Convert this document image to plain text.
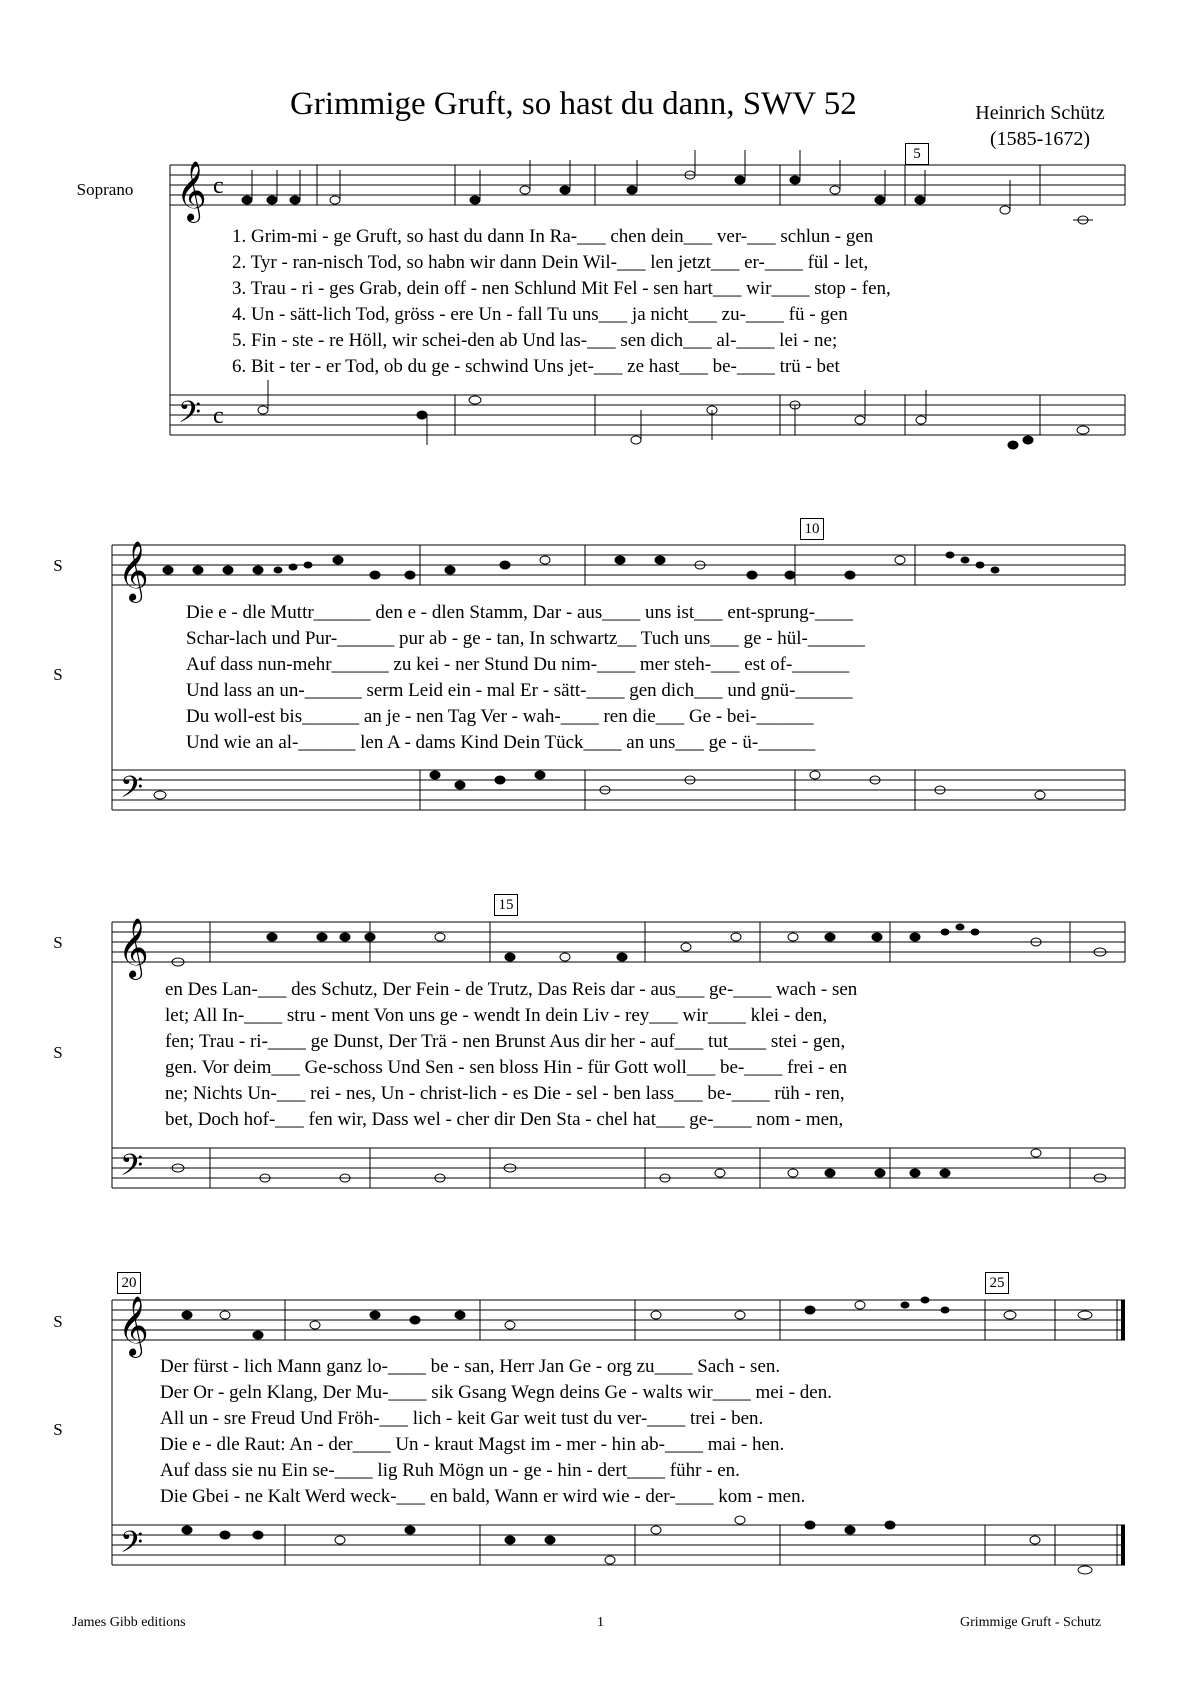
Grimmige Gruft, so hast du dann, SWV 52	Heinrich Schütz
(1585-1672)
Soprano
S
S
S
S
S
S
5
10
15
20	25
𝄞
𝄢
c
c
𝄞
𝄢
𝄞
𝄢
𝄞
𝄢
1. Grim-mi - ge Gruft, so hast du dann In Ra-___ chen dein___ ver-___ schlun - gen
2. Tyr - ran-nisch Tod, so habn wir dann Dein Wil-___ len jetzt___ er-____ fül - let,
3. Trau - ri - ges Grab, dein off - nen Schlund Mit Fel - sen hart___ wir____ stop - fen,
4. Un - sätt-lich Tod, gröss - ere Un - fall Tu uns___ ja nicht___ zu-____ fü - gen
5. Fin - ste - re Höll, wir schei-den ab Und las-___ sen dich___ al-____ lei - ne;
6. Bit - ter - er Tod, ob du ge - schwind Uns jet-___ ze hast___ be-____ trü - bet
Die e - dle Muttr______ den e - dlen Stamm, Dar - aus____ uns ist___ ent-sprung-____
Schar-lach und Pur-______ pur ab - ge - tan, In schwartz__ Tuch uns___ ge - hül-______
Auf dass nun-mehr______ zu kei - ner Stund Du nim-____ mer steh-___ est of-______
Und lass an un-______ serm Leid ein - mal Er - sätt-____ gen dich___ und gnü-______
Du woll-est bis______ an je - nen Tag Ver - wah-____ ren die___ Ge - bei-______
Und wie an al-______ len A - dams Kind Dein Tück____ an uns___ ge - ü-______
en Des Lan-___ des Schutz, Der Fein - de Trutz, Das Reis dar - aus___ ge-____ wach - sen
let; All In-____ stru - ment Von uns ge - wendt In dein Liv - rey___ wir____ klei - den,
fen; Trau - ri-____ ge Dunst, Der Trä - nen Brunst Aus dir her - auf___ tut____ stei - gen,
gen. Vor deim___ Ge-schoss Und Sen - sen bloss Hin - für Gott woll___ be-____ frei - en
ne; Nichts Un-___ rei - nes, Un - christ-lich - es Die - sel - ben lass___ be-____ rüh - ren,
bet, Doch hof-___ fen wir, Dass wel - cher dir Den Sta - chel hat___ ge-____ nom - men,
Der fürst - lich Mann ganz lo-____ be - san, Herr Jan Ge - org zu____ Sach - sen.
Der Or - geln Klang, Der Mu-____ sik Gsang Wegn deins Ge - walts wir____ mei - den.
All un - sre Freud Und Fröh-___ lich - keit Gar weit tust du ver-____ trei - ben.
Die e - dle Raut: An - der____ Un - kraut Magst im - mer - hin ab-____ mai - hen.
Auf dass sie nu Ein se-____ lig Ruh Mögn un - ge - hin - dert____ führ - en.
Die Gbei - ne Kalt Werd weck-___ en bald, Wann er wird wie - der-____ kom - men.
James Gibb editions	1	Grimmige Gruft - Schutz
